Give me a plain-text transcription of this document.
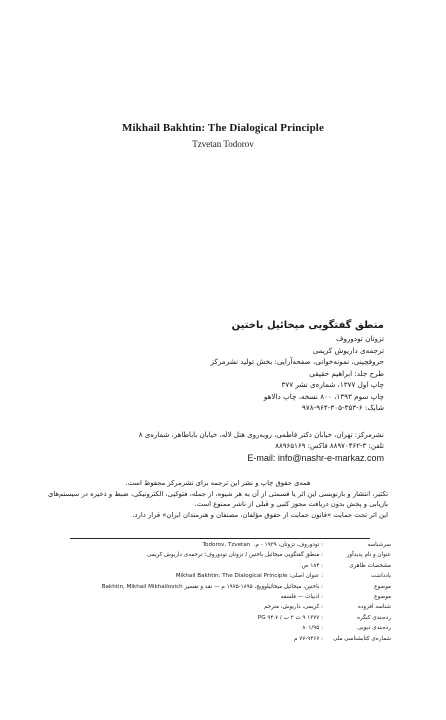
Mikhail Bakhtin: The Dialogical Principle
Tzvetan Todorov
منطق گفتگویی میخائیل باختین
تزوتان تودوروف
ترجمه‌ی داریوش کریمی
حروفچینی، نمونه‌خوانی، صفحه‌آرایی: بخش تولید نشرمرکز
طرح جلد: ابراهیم حقیقی
چاپ اول ۱۳۷۷، شماره‌ی نشر ۳۷۷
چاپ سوم ۱۳۹۳، ۸۰۰ نسخه، چاپ دالاهو
شابک: ۶-۳۵۳-۳۰۵-۹۶۴-۹۷۸
نشرمرکز: تهران، خیابان دکتر فاطمی، روبه‌روی هتل لاله، خیابان باباطاهر، شماره‌ی ۸
تلفن: ۳-۸۸۹۷۰۴۶۲ فاکس: ۸۸۹۶۵۱۶۹
E-mail: info@nashr-e-markaz.com
همه‌ی حقوق چاپ و نشر این ترجمه برای نشرمرکز محفوظ است.
تکثیر، انتشار و بازنویسی این اثر یا قسمتی از آن به هر شیوه، از جمله، فتوکپی، الکترونیکی، ضبط و ذخیره در سیستم‌های بازیابی و پخش بدون دریافت مجوز کتبی و قبلی از ناشر ممنوع است.
این اثر تحت حمایت «قانون حمایت از حقوق مؤلفان، مصنفان و هنرمندان ایران» قرار دارد.
سرشناسه
: تودوروف، تزوتان، ۱۹۳۹ - م.  Todorov, Tzvetan
عنوان و نام پدیدآور
: منطق گفتگویی میخائیل باختین / تزوتان تودوروف؛ ترجمه‌ی داریوش کریمی
مشخصات ظاهری
: ۱۸۴ ص.
یادداشت
: عنوان اصلی: Mikhail Bakhtin: The Dialogical Principle
موضوع
: باختین، میخائیل میخائیلوویچ، ۱۸۹۵-۱۹۷۵ م — نقد و تفسیر Bakhtin, Mikhail Mikhailovich
موضوع
: ادبیات — فلسفه
شناسه افزوده
: کریمی، داریوش، مترجم
رده‌بندی کنگره
: ۱۳۷۷ ۹ ت ۲ ب / ۹۴.۷ PG
رده‌بندی دیویی
: ۸۰۱/۹۵
شماره‌ی کتابشناسی ملی
: ۷۷-۹۴۶۷ م
